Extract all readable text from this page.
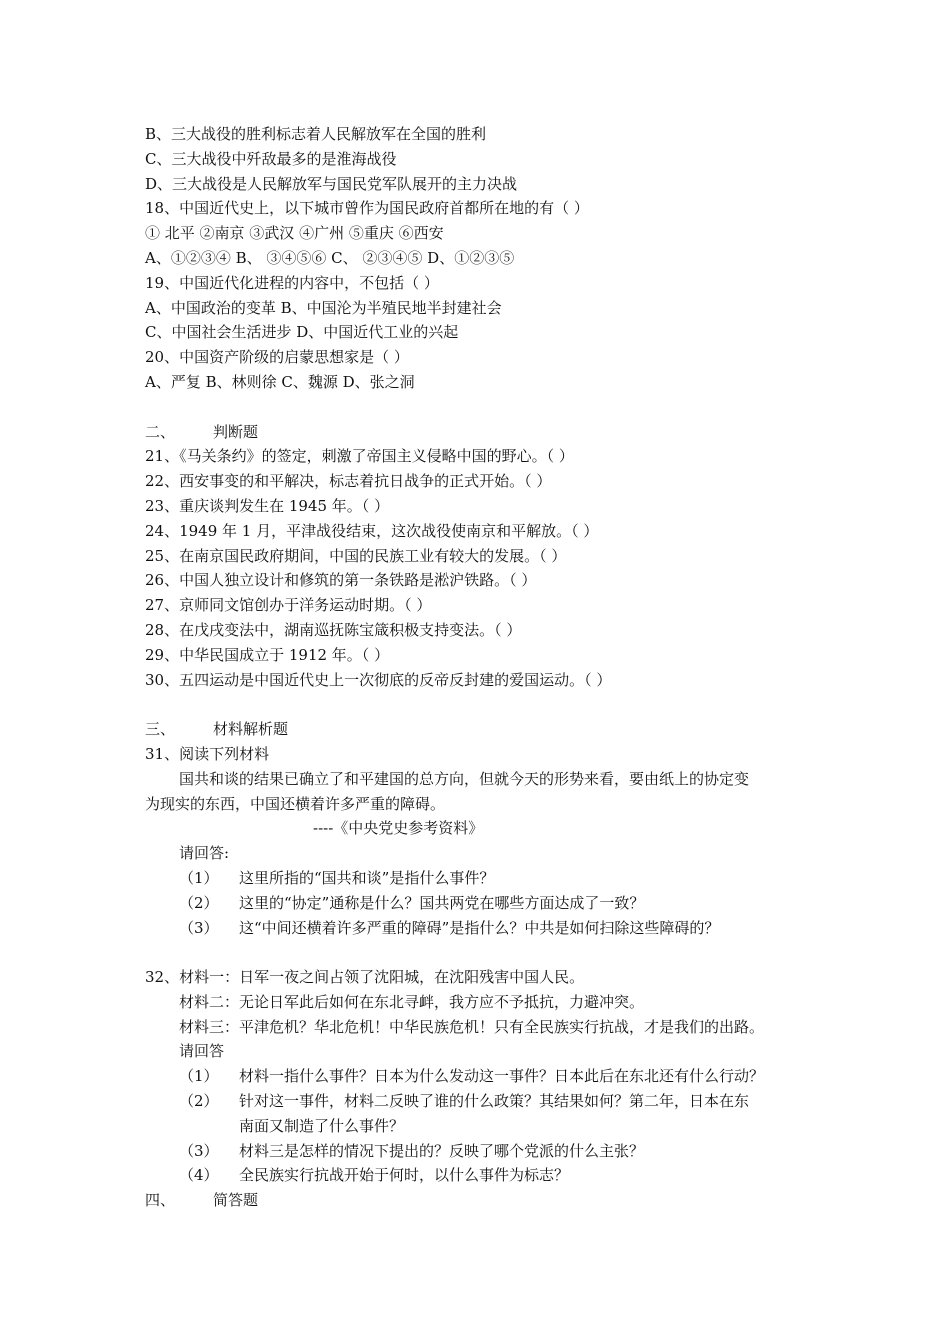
B、三大战役的胜利标志着人民解放军在全国的胜利
C、三大战役中歼敌最多的是淮海战役
D、三大战役是人民解放军与国民党军队展开的主力决战
18、中国近代史上，以下城市曾作为国民政府首都所在地的有（ ）
① 北平 ②南京 ③武汉 ④广州 ⑤重庆 ⑥西安
A、①②③④ B、 ③④⑤⑥ C、 ②③④⑤ D、①②③⑤
19、中国近代化进程的内容中，不包括（ ）
A、中国政治的变革 B、中国沦为半殖民地半封建社会
C、中国社会生活进步 D、中国近代工业的兴起
20、中国资产阶级的启蒙思想家是（ ）
A、严复 B、林则徐 C、魏源 D、张之洞
二、	判断题
21、《马关条约》的签定，刺激了帝国主义侵略中国的野心。（ ）
22、西安事变的和平解决，标志着抗日战争的正式开始。（ ）
23、重庆谈判发生在 1945 年。（ ）
24、1949 年 1 月，平津战役结束，这次战役使南京和平解放。（ ）
25、在南京国民政府期间，中国的民族工业有较大的发展。（ ）
26、中国人独立设计和修筑的第一条铁路是淞沪铁路。（ ）
27、京师同文馆创办于洋务运动时期。（ ）
28、在戊戌变法中，湖南巡抚陈宝箴积极支持变法。（ ）
29、中华民国成立于 1912 年。（ ）
30、五四运动是中国近代史上一次彻底的反帝反封建的爱国运动。（ ）
三、	材料解析题
31、阅读下列材料
国共和谈的结果已确立了和平建国的总方向，但就今天的形势来看，要由纸上的协定变
为现实的东西，中国还横着许多严重的障碍。
----《中央党史参考资料》
请回答:
（1） 这里所指的“国共和谈”是指什么事件？
（2） 这里的“协定”通称是什么？国共两党在哪些方面达成了一致？
（3） 这“中间还横着许多严重的障碍”是指什么？中共是如何扫除这些障碍的？
32、材料一：日军一夜之间占领了沈阳城，在沈阳残害中国人民。
材料二：无论日军此后如何在东北寻衅，我方应不予抵抗，力避冲突。
材料三：平津危机？华北危机！中华民族危机！只有全民族实行抗战，才是我们的出路。
请回答
（1） 材料一指什么事件？日本为什么发动这一事件？日本此后在东北还有什么行动？
（2） 针对这一事件，材料二反映了谁的什么政策？其结果如何？第二年，日本在东
南面又制造了什么事件？
（3） 材料三是怎样的情况下提出的？反映了哪个党派的什么主张？
（4） 全民族实行抗战开始于何时，以什么事件为标志？
四、	简答题
